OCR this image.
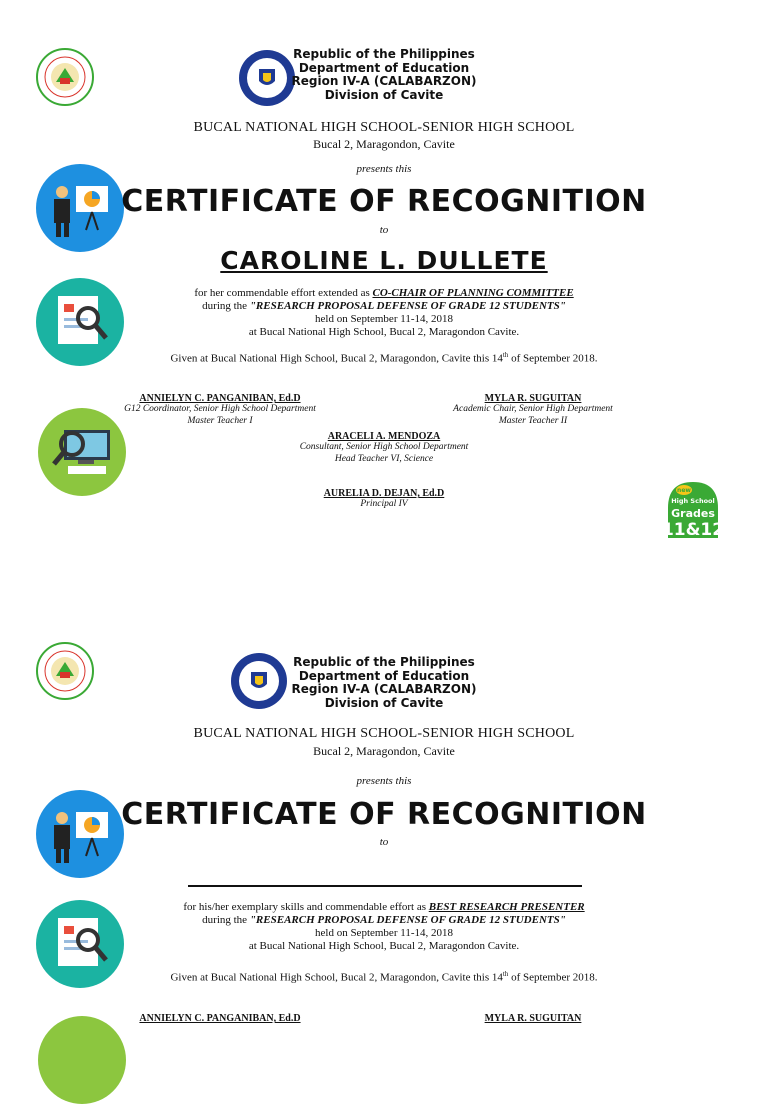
Republic of the Philippines
Department of Education
Region IV-A (CALABARZON)
Division of Cavite
BUCAL NATIONAL HIGH SCHOOL-SENIOR HIGH SCHOOL
Bucal 2, Maragondon, Cavite
presents this
CERTIFICATE OF RECOGNITION
to
CAROLINE L. DULLETE
for her commendable effort extended as CO-CHAIR OF PLANNING COMMITTEE
during the "RESEARCH PROPOSAL DEFENSE OF GRADE 12 STUDENTS"
held on September 11-14, 2018
at Bucal National High School, Bucal 2, Maragondon Cavite.
Given at Bucal National High School, Bucal 2, Maragondon, Cavite this 14th of September 2018.
ANNIELYN C. PANGANIBAN, Ed.D
G12 Coordinator, Senior High School Department
Master Teacher I
MYLA R. SUGUITAN
Academic Chair, Senior High Department
Master Teacher II
ARACELI A. MENDOZA
Consultant, Senior High School Department
Head Teacher VI, Science
AURELIA D. DEJAN, Ed.D
Principal IV
new
High School
Grades
11&12
Republic of the Philippines
Department of Education
Region IV-A (CALABARZON)
Division of Cavite
BUCAL NATIONAL HIGH SCHOOL-SENIOR HIGH SCHOOL
Bucal 2, Maragondon, Cavite
presents this
CERTIFICATE OF RECOGNITION
to
for his/her exemplary skills and commendable effort as BEST RESEARCH PRESENTER
during the "RESEARCH PROPOSAL DEFENSE OF GRADE 12 STUDENTS"
held on September 11-14, 2018
at Bucal National High School, Bucal 2, Maragondon Cavite.
Given at Bucal National High School, Bucal 2, Maragondon, Cavite this 14th of September 2018.
ANNIELYN C. PANGANIBAN, Ed.D	MYLA R. SUGUITAN
